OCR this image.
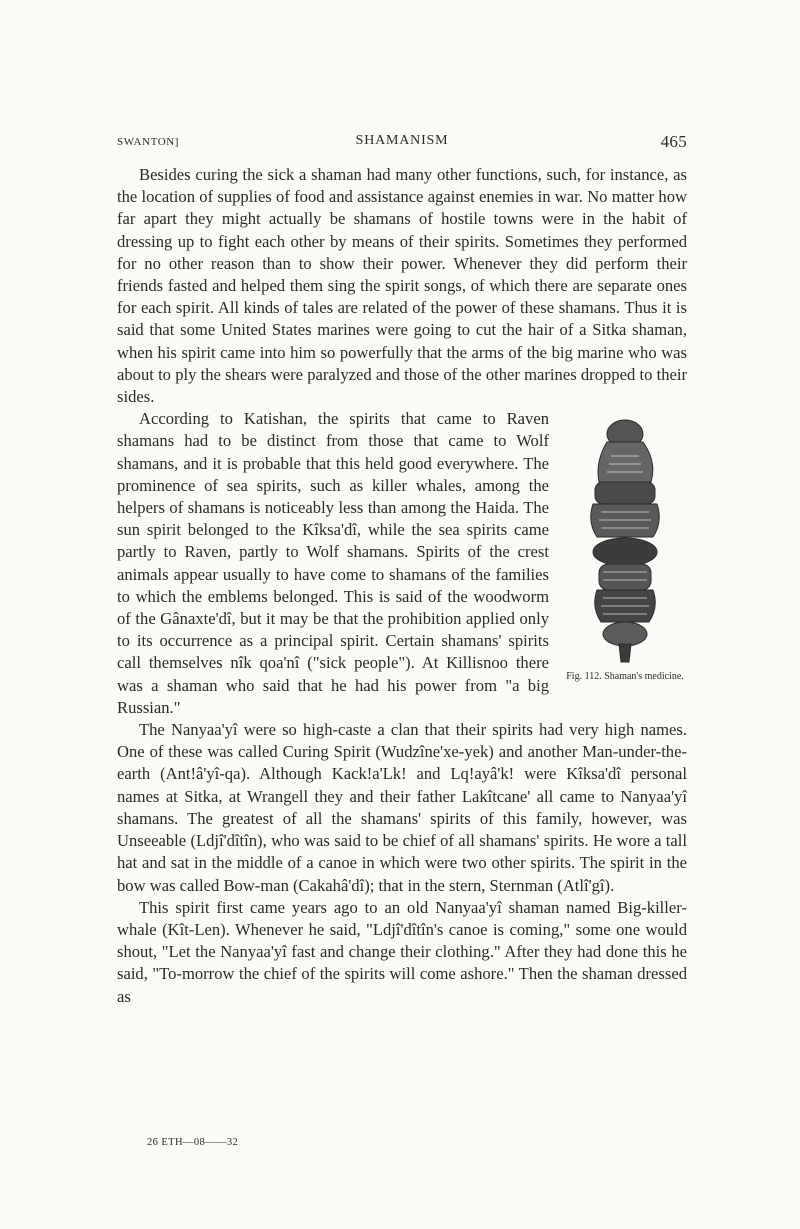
SWANTON]	SHAMANISM	465

Besides curing the sick a shaman had many other functions, such, for instance, as the location of supplies of food and assistance against enemies in war. No matter how far apart they might actually be shamans of hostile towns were in the habit of dressing up to fight each other by means of their spirits. Sometimes they performed for no other reason than to show their power. Whenever they did perform their friends fasted and helped them sing the spirit songs, of which there are separate ones for each spirit. All kinds of tales are related of the power of these shamans. Thus it is said that some United States marines were going to cut the hair of a Sitka shaman, when his spirit came into him so powerfully that the arms of the big marine who was about to ply the shears were paralyzed and those of the other marines dropped to their sides.

Fig. 112. Shaman's medicine.

According to Katishan, the spirits that came to Raven shamans had to be distinct from those that came to Wolf shamans, and it is probable that this held good everywhere. The prominence of sea spirits, such as killer whales, among the helpers of shamans is noticeably less than among the Haida. The sun spirit belonged to the Kîksa'dî, while the sea spirits came partly to Raven, partly to Wolf shamans. Spirits of the crest animals appear usually to have come to shamans of the families to which the emblems belonged. This is said of the woodworm of the Gânaxte'dî, but it may be that the prohibition applied only to its occurrence as a principal spirit. Certain shamans' spirits call themselves nîk qoa'nî ("sick people"). At Killisnoo there was a shaman who said that he had his power from "a big Russian."

The Nanyaa'yî were so high-caste a clan that their spirits had very high names. One of these was called Curing Spirit (Wudzîne'xe-yek) and another Man-under-the-earth (Ant!â'yî-qa). Although Kack!a'Lk! and Lq!ayâ'k! were Kîksa'dî personal names at Sitka, at Wrangell they and their father Lakîtcane' all came to Nanyaa'yî shamans. The greatest of all the shamans' spirits of this family, however, was Unseeable (Ldjî'dîtîn), who was said to be chief of all shamans' spirits. He wore a tall hat and sat in the middle of a canoe in which were two other spirits. The spirit in the bow was called Bow-man (Cakahâ'dî); that in the stern, Sternman (Atlî'gî).

This spirit first came years ago to an old Nanyaa'yî shaman named Big-killer-whale (Kît-Len). Whenever he said, "Ldjî'dîtîn's canoe is coming," some one would shout, "Let the Nanyaa'yî fast and change their clothing." After they had done this he said, "To-morrow the chief of the spirits will come ashore." Then the shaman dressed as

26 ETH—08——32
